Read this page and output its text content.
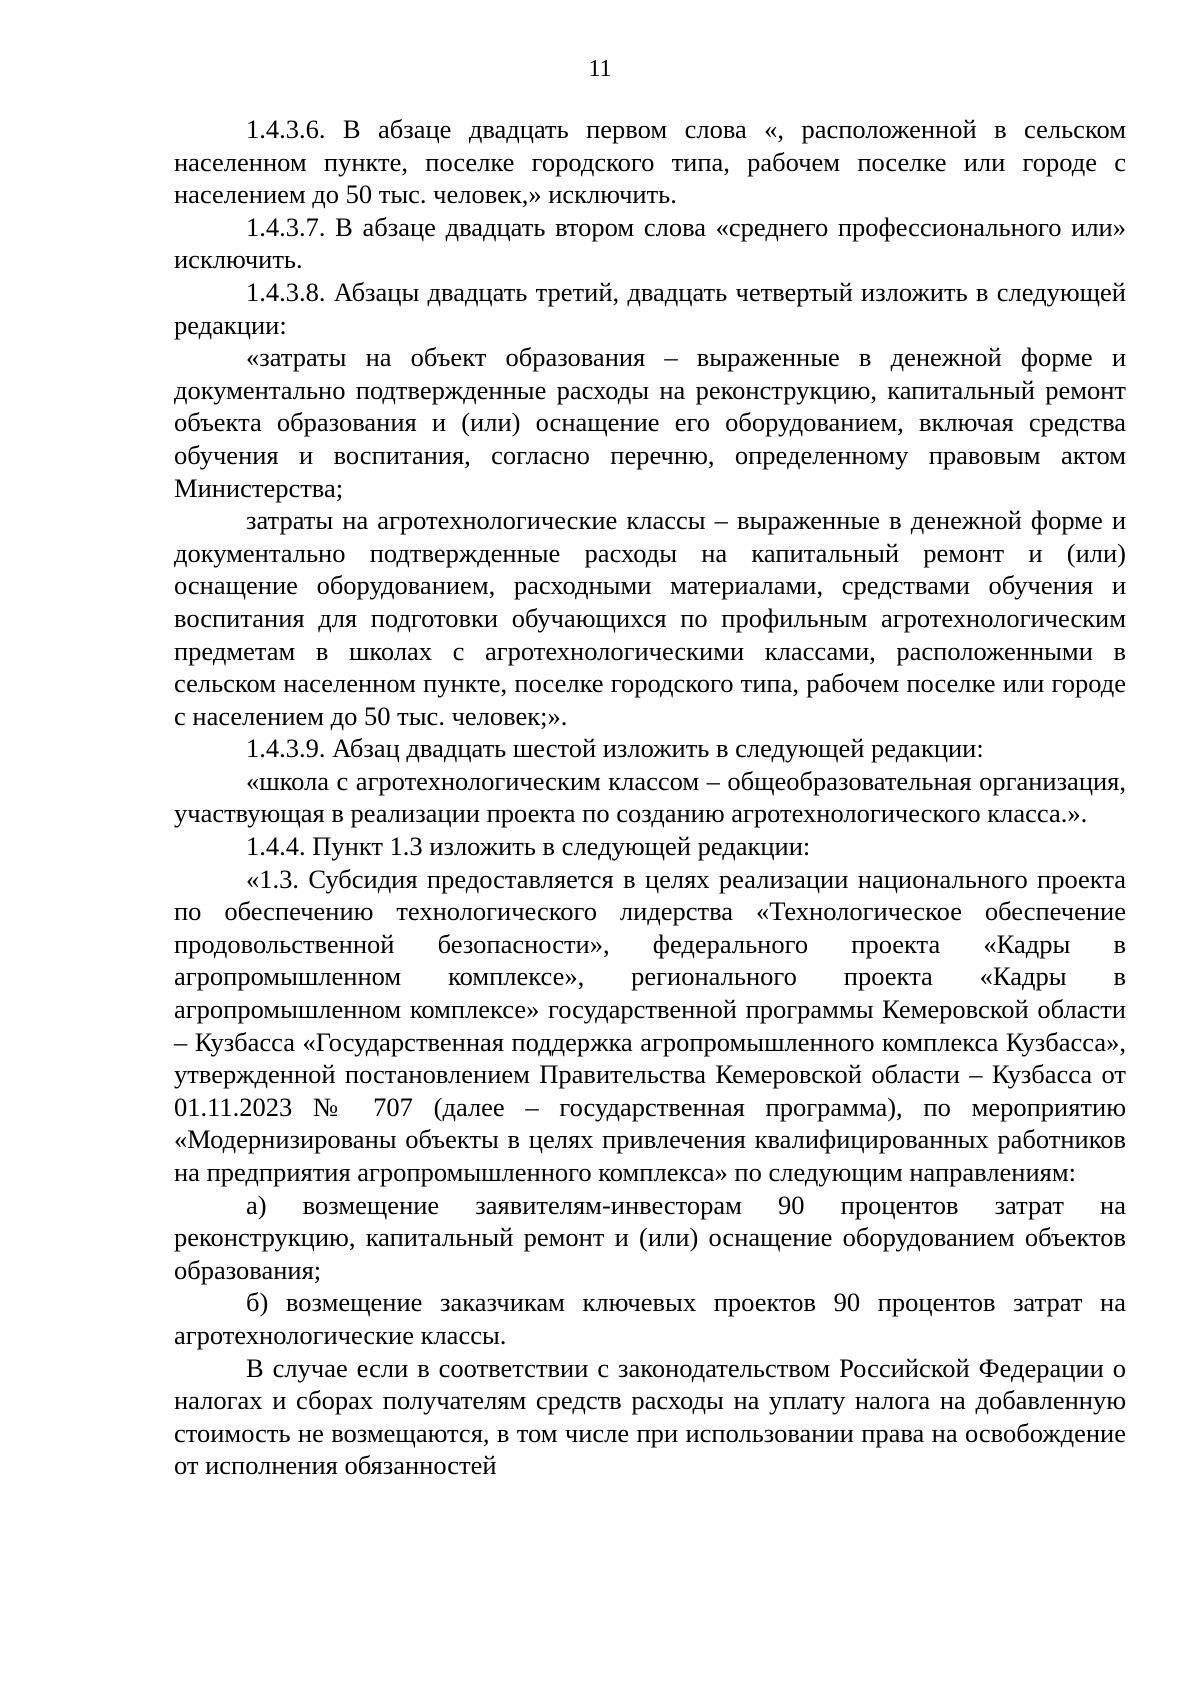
11

1.4.3.6. В абзаце двадцать первом слова «, расположенной в сельском населенном пункте, поселке городского типа, рабочем поселке или городе с населением до 50 тыс. человек,» исключить.

1.4.3.7. В абзаце двадцать втором слова «среднего профессионального или» исключить.

1.4.3.8. Абзацы двадцать третий, двадцать четвертый изложить в следующей редакции:

«затраты на объект образования – выраженные в денежной форме и документально подтвержденные расходы на реконструкцию, капитальный ремонт объекта образования и (или) оснащение его оборудованием, включая средства обучения и воспитания, согласно перечню, определенному правовым актом Министерства;

затраты на агротехнологические классы – выраженные в денежной форме и документально подтвержденные расходы на капитальный ремонт и (или) оснащение оборудованием, расходными материалами, средствами обучения и воспитания для подготовки обучающихся по профильным агротехнологическим предметам в школах с агротехнологическими классами, расположенными в сельском населенном пункте, поселке городского типа, рабочем поселке или городе с населением до 50 тыс. человек;».

1.4.3.9. Абзац двадцать шестой изложить в следующей редакции:

«школа с агротехнологическим классом – общеобразовательная организация, участвующая в реализации проекта по созданию агротехнологического класса.».

1.4.4. Пункт 1.3 изложить в следующей редакции:

«1.3. Субсидия предоставляется в целях реализации национального проекта по обеспечению технологического лидерства «Технологическое обеспечение продовольственной безопасности», федерального проекта «Кадры в агропромышленном комплексе», регионального проекта «Кадры в агропромышленном комплексе» государственной программы Кемеровской области – Кузбасса «Государственная поддержка агропромышленного комплекса Кузбасса», утвержденной постановлением Правительства Кемеровской области – Кузбасса от 01.11.2023 № 707 (далее – государственная программа), по мероприятию «Модернизированы объекты в целях привлечения квалифицированных работников на предприятия агропромышленного комплекса» по следующим направлениям:

а) возмещение заявителям-инвесторам 90 процентов затрат на реконструкцию, капитальный ремонт и (или) оснащение оборудованием объектов образования;

б) возмещение заказчикам ключевых проектов 90 процентов затрат на агротехнологические классы.

В случае если в соответствии с законодательством Российской Федерации о налогах и сборах получателям средств расходы на уплату налога на добавленную стоимость не возмещаются, в том числе при использовании права на освобождение от исполнения обязанностей
